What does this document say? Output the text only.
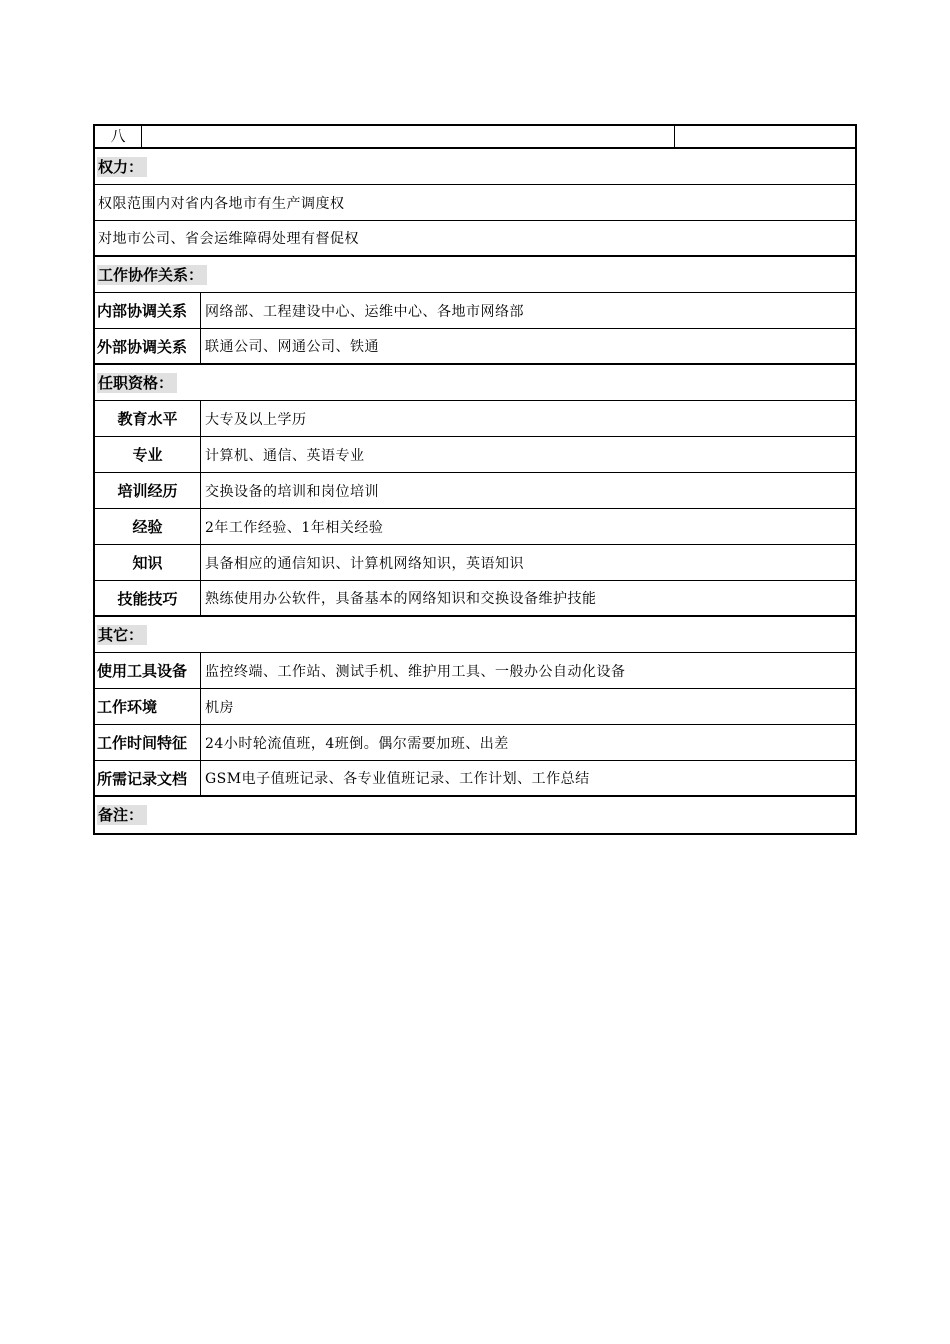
八
权力：
权限范围内对省内各地市有生产调度权
对地市公司、省会运维障碍处理有督促权
工作协作关系：
内部协调关系	网络部、工程建设中心、运维中心、各地市网络部
外部协调关系	联通公司、网通公司、铁通
任职资格：
教育水平	大专及以上学历
专业	计算机、通信、英语专业
培训经历	交换设备的培训和岗位培训
经验	2年工作经验、1年相关经验
知识	具备相应的通信知识、计算机网络知识，英语知识
技能技巧	熟练使用办公软件，具备基本的网络知识和交换设备维护技能
其它：
使用工具设备	监控终端、工作站、测试手机、维护用工具、一般办公自动化设备
工作环境	机房
工作时间特征	24小时轮流值班，4班倒。偶尔需要加班、出差
所需记录文档	GSM电子值班记录、各专业值班记录、工作计划、工作总结
备注：
